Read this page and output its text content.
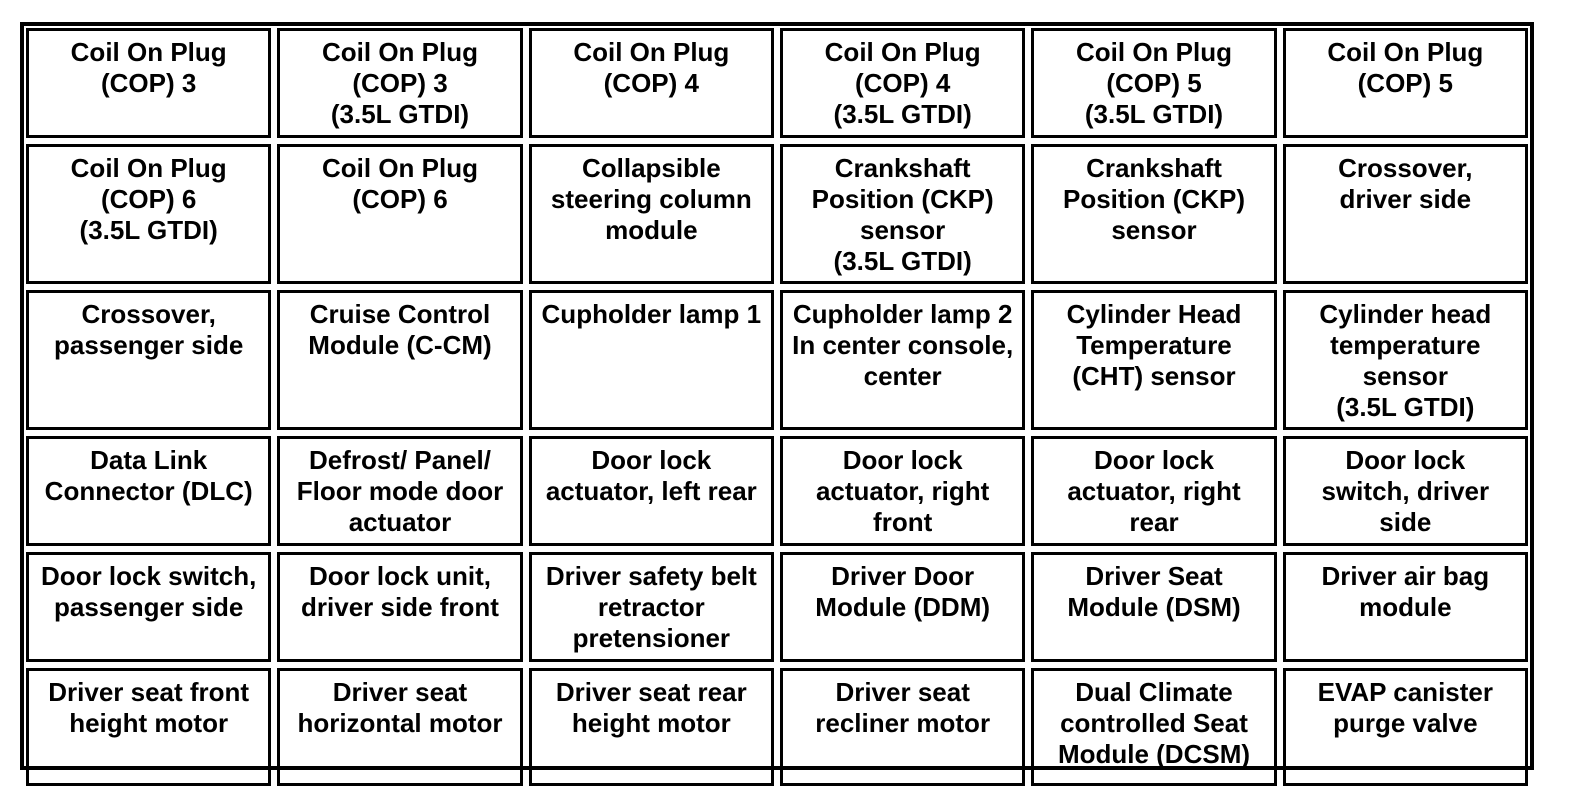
Coil On Plug
(COP) 3
Coil On Plug
(COP) 3
(3.5L GTDI)
Coil On Plug
(COP) 4
Coil On Plug
(COP) 4
(3.5L GTDI)
Coil On Plug
(COP) 5
(3.5L GTDI)
Coil On Plug
(COP) 5
Coil On Plug
(COP) 6
(3.5L GTDI)
Coil On Plug
(COP) 6
Collapsible
steering column
module
Crankshaft
Position (CKP)
sensor
(3.5L GTDI)
Crankshaft
Position (CKP)
sensor
Crossover,
driver side
Crossover,
passenger side
Cruise Control
Module (C-CM)
Cupholder lamp 1 Cupholder lamp 2
In center console,
center
Cylinder Head
Temperature
(CHT) sensor
Cylinder head
temperature
sensor
(3.5L GTDI)
Data Link
Connector (DLC)
Defrost/ Panel/
Floor mode door
actuator
Door lock
actuator, left rear
Door lock
actuator, right
front
Door lock
actuator, right
rear
Door lock
switch, driver
side
Door lock switch,
passenger side
Door lock unit,
driver side front
Driver safety belt
retractor
pretensioner
Driver Door
Module (DDM)
Driver Seat
Module (DSM)
Driver air bag
module
Driver seat front
height motor
Driver seat
horizontal motor
Driver seat rear
height motor
Driver seat
recliner motor
Dual Climate
controlled Seat
Module (DCSM)
EVAP canister
purge valve
